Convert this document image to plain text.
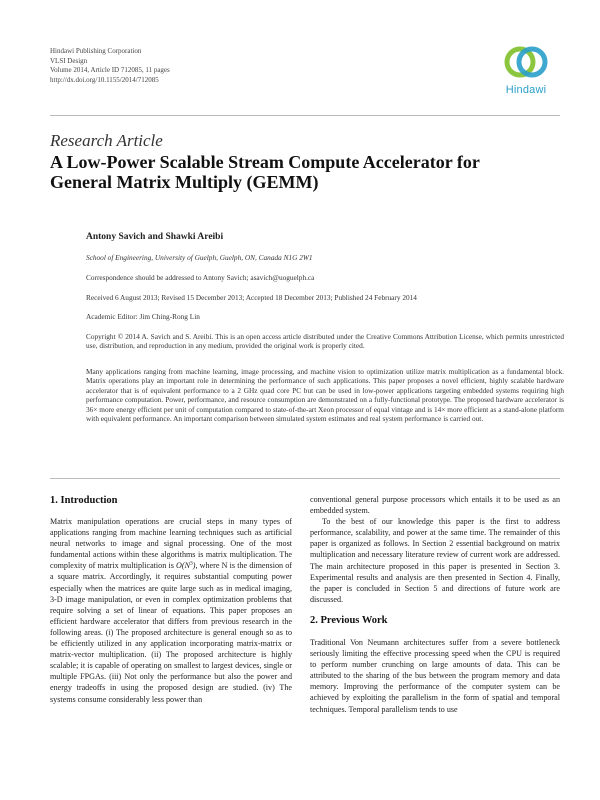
Hindawi Publishing Corporation
VLSI Design
Volume 2014, Article ID 712085, 11 pages
http://dx.doi.org/10.1155/2014/712085
Hindawi
Research Article
A Low-Power Scalable Stream Compute Accelerator for General Matrix Multiply (GEMM)
Antony Savich and Shawki Areibi
School of Engineering, University of Guelph, Guelph, ON, Canada N1G 2W1
Correspondence should be addressed to Antony Savich; asavich@uoguelph.ca
Received 6 August 2013; Revised 15 December 2013; Accepted 18 December 2013; Published 24 February 2014
Academic Editor: Jim Ching-Rong Lin
Copyright © 2014 A. Savich and S. Areibi. This is an open access article distributed under the Creative Commons Attribution License, which permits unrestricted use, distribution, and reproduction in any medium, provided the original work is properly cited.
Many applications ranging from machine learning, image processing, and machine vision to optimization utilize matrix multiplication as a fundamental block. Matrix operations play an important role in determining the performance of such applications. This paper proposes a novel efficient, highly scalable hardware accelerator that is of equivalent performance to a 2 GHz quad core PC but can be used in low-power applications targeting embedded systems requiring high performance computation. Power, performance, and resource consumption are demonstrated on a fully-functional prototype. The proposed hardware accelerator is 36× more energy efficient per unit of computation compared to state-of-the-art Xeon processor of equal vintage and is 14× more efficient as a stand-alone platform with equivalent performance. An important comparison between simulated system estimates and real system performance is carried out.
1. Introduction

Matrix manipulation operations are crucial steps in many types of applications ranging from machine learning techniques such as artificial neural networks to image and signal processing. One of the most fundamental actions within these algorithms is matrix multiplication. The complexity of matrix multiplication is $O(N^3)$, where N is the dimension of a square matrix. Accordingly, it requires substantial computing power especially when the matrices are quite large such as in medical imaging, 3-D image manipulation, or even in complex optimization problems that require solving a set of linear of equations. This paper proposes an efficient hardware accelerator that differs from previous research in the following areas. (i) The proposed architecture is general enough so as to be efficiently utilized in any application incorporating matrix-matrix or matrix-vector multiplication. (ii) The proposed architecture is highly scalable; it is capable of operating on smallest to largest devices, single or multiple FPGAs. (iii) Not only the performance but also the power and energy tradeoffs in using the proposed design are studied. (iv) The systems consume considerably less power than

conventional general purpose processors which entails it to be used as an embedded system.

To the best of our knowledge this paper is the first to address performance, scalability, and power at the same time. The remainder of this paper is organized as follows. In Section 2 essential background on matrix multiplication and necessary literature review of current work are addressed. The main architecture proposed in this paper is presented in Section 3. Experimental results and analysis are then presented in Section 4. Finally, the paper is concluded in Section 5 and directions of future work are discussed.

2. Previous Work

Traditional Von Neumann architectures suffer from a severe bottleneck seriously limiting the effective processing speed when the CPU is required to perform number crunching on large amounts of data. This can be attributed to the sharing of the bus between the program memory and data memory. Improving the performance of the computer system can be achieved by exploiting the parallelism in the form of spatial and temporal techniques. Temporal parallelism tends to use
